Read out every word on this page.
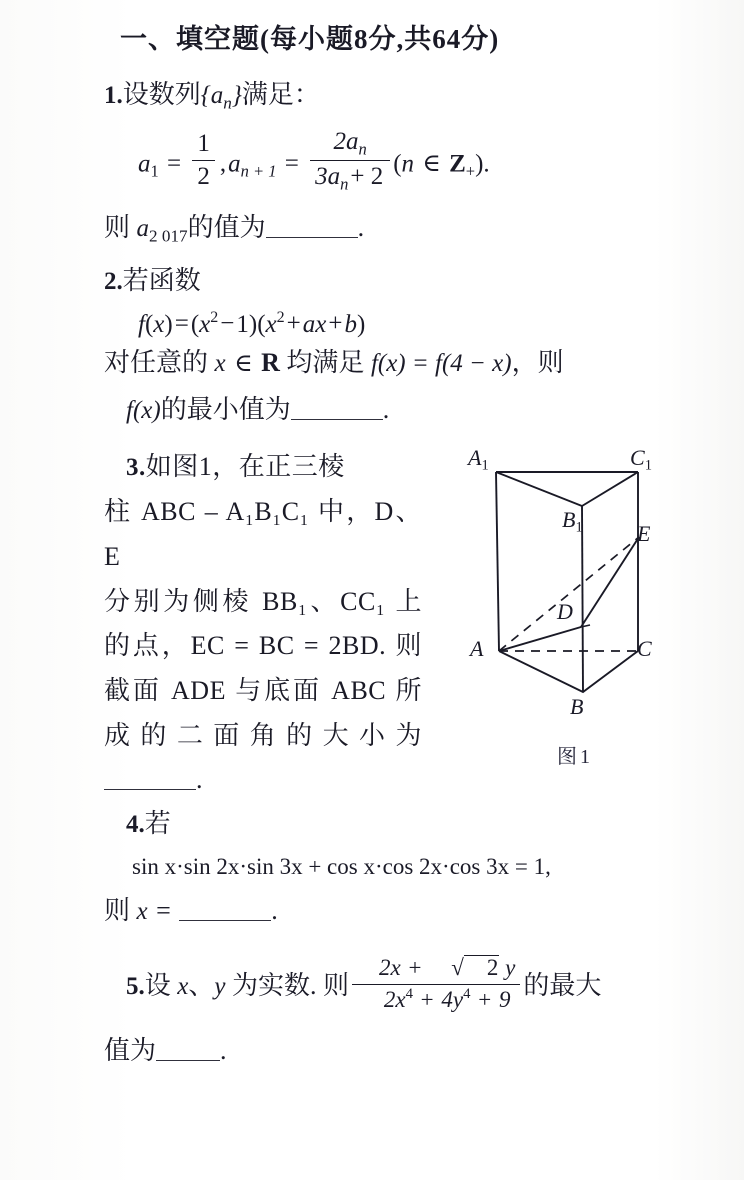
一、填空题(每小题8分,共64分)
1.设数列$\{a_n\}$满足：
$a_1 = \frac{1}{2} ,a_{n + 1} = \frac{2a_n}{3a_n+ 2} (n$ ∈ $Z_+$).
则 $a_{2 017}$的值为	.
2.若函数
$f(x)=(x^2-1)(x^2+ax+b)$
对任意的 x ∈ R 均满足 f(x) = f(4 − x)，则
f(x)的最小值为	.
3.如图1，在正三棱
柱 ABC – A₁B₁C₁ 中，D、E
分别为侧棱 BB₁、CC₁ 上
的点，EC = BC = 2BD. 则
截面 ADE 与底面 ABC 所
成的二面角的大小为
.
$A_1$	$C_1$
$B_1$ E
D
A	C
B
图1
4.若
sin x·sin 2x·sin 3x + cos x·cos 2x·cos 3x = 1,
则 x =	.
5.设 x、y 为实数. 则 $\frac{2x + √ 2 y}{2x^4 + 4y^4 + 9}$ 的最大
值为 .
